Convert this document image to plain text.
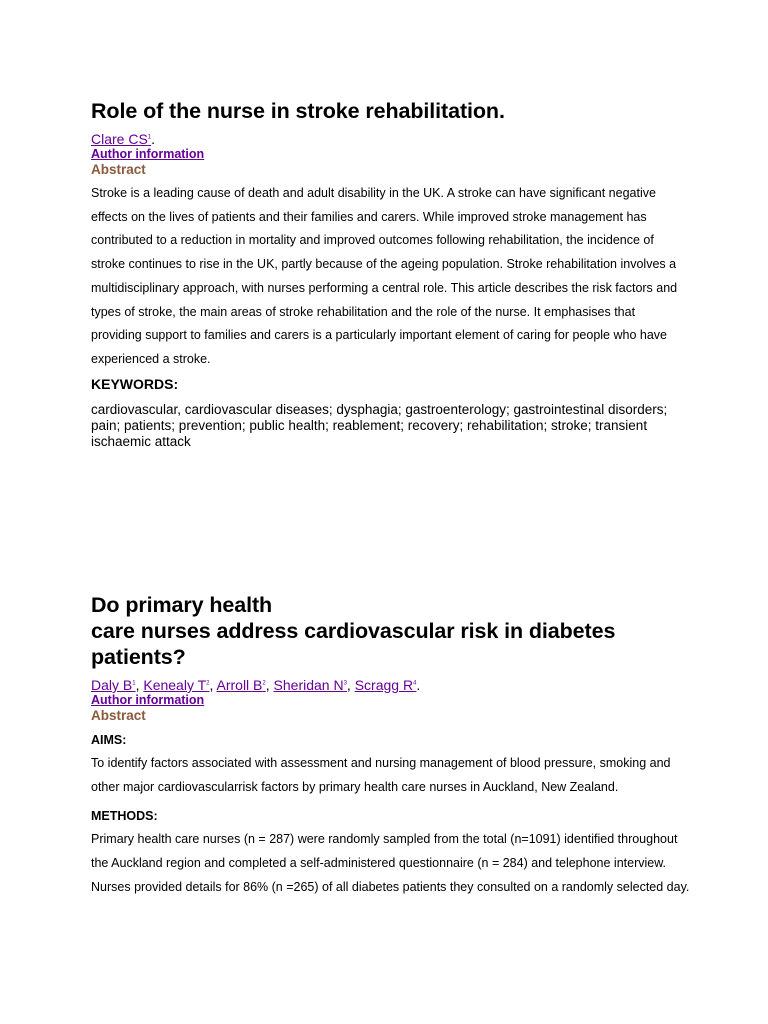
Role of the nurse in stroke rehabilitation.
Clare $CS^1$.
Author information
Abstract
Stroke is a leading cause of death and adult disability in the UK. A stroke can have significant negative effects on the lives of patients and their families and carers. While improved stroke management has contributed to a reduction in mortality and improved outcomes following rehabilitation, the incidence of stroke continues to rise in the UK, partly because of the ageing population. Stroke rehabilitation involves a multidisciplinary approach, with nurses performing a central role. This article describes the risk factors and types of stroke, the main areas of stroke rehabilitation and the role of the nurse. It emphasises that providing support to families and carers is a particularly important element of caring for people who have experienced a stroke.
KEYWORDS:
cardiovascular, cardiovascular diseases; dysphagia; gastroenterology; gastrointestinal disorders; pain; patients; prevention; public health; reablement; recovery; rehabilitation; stroke; transient ischaemic attack
Do primary health
care nurses address cardiovascular risk in diabetes
patients?
Daly $B^1$, Kenealy $T^2$, Arroll $B^2$, Sheridan $N^3$, Scragg $R^4$.
Author information
Abstract
AIMS:
To identify factors associated with assessment and nursing management of blood pressure, smoking and other major cardiovascularrisk factors by primary health care nurses in Auckland, New Zealand.
METHODS:
Primary health care nurses (n = 287) were randomly sampled from the total (n=1091) identified throughout the Auckland region and completed a self-administered questionnaire (n = 284) and telephone interview. Nurses provided details for 86% (n =265) of all diabetes patients they consulted on a randomly selected day.
